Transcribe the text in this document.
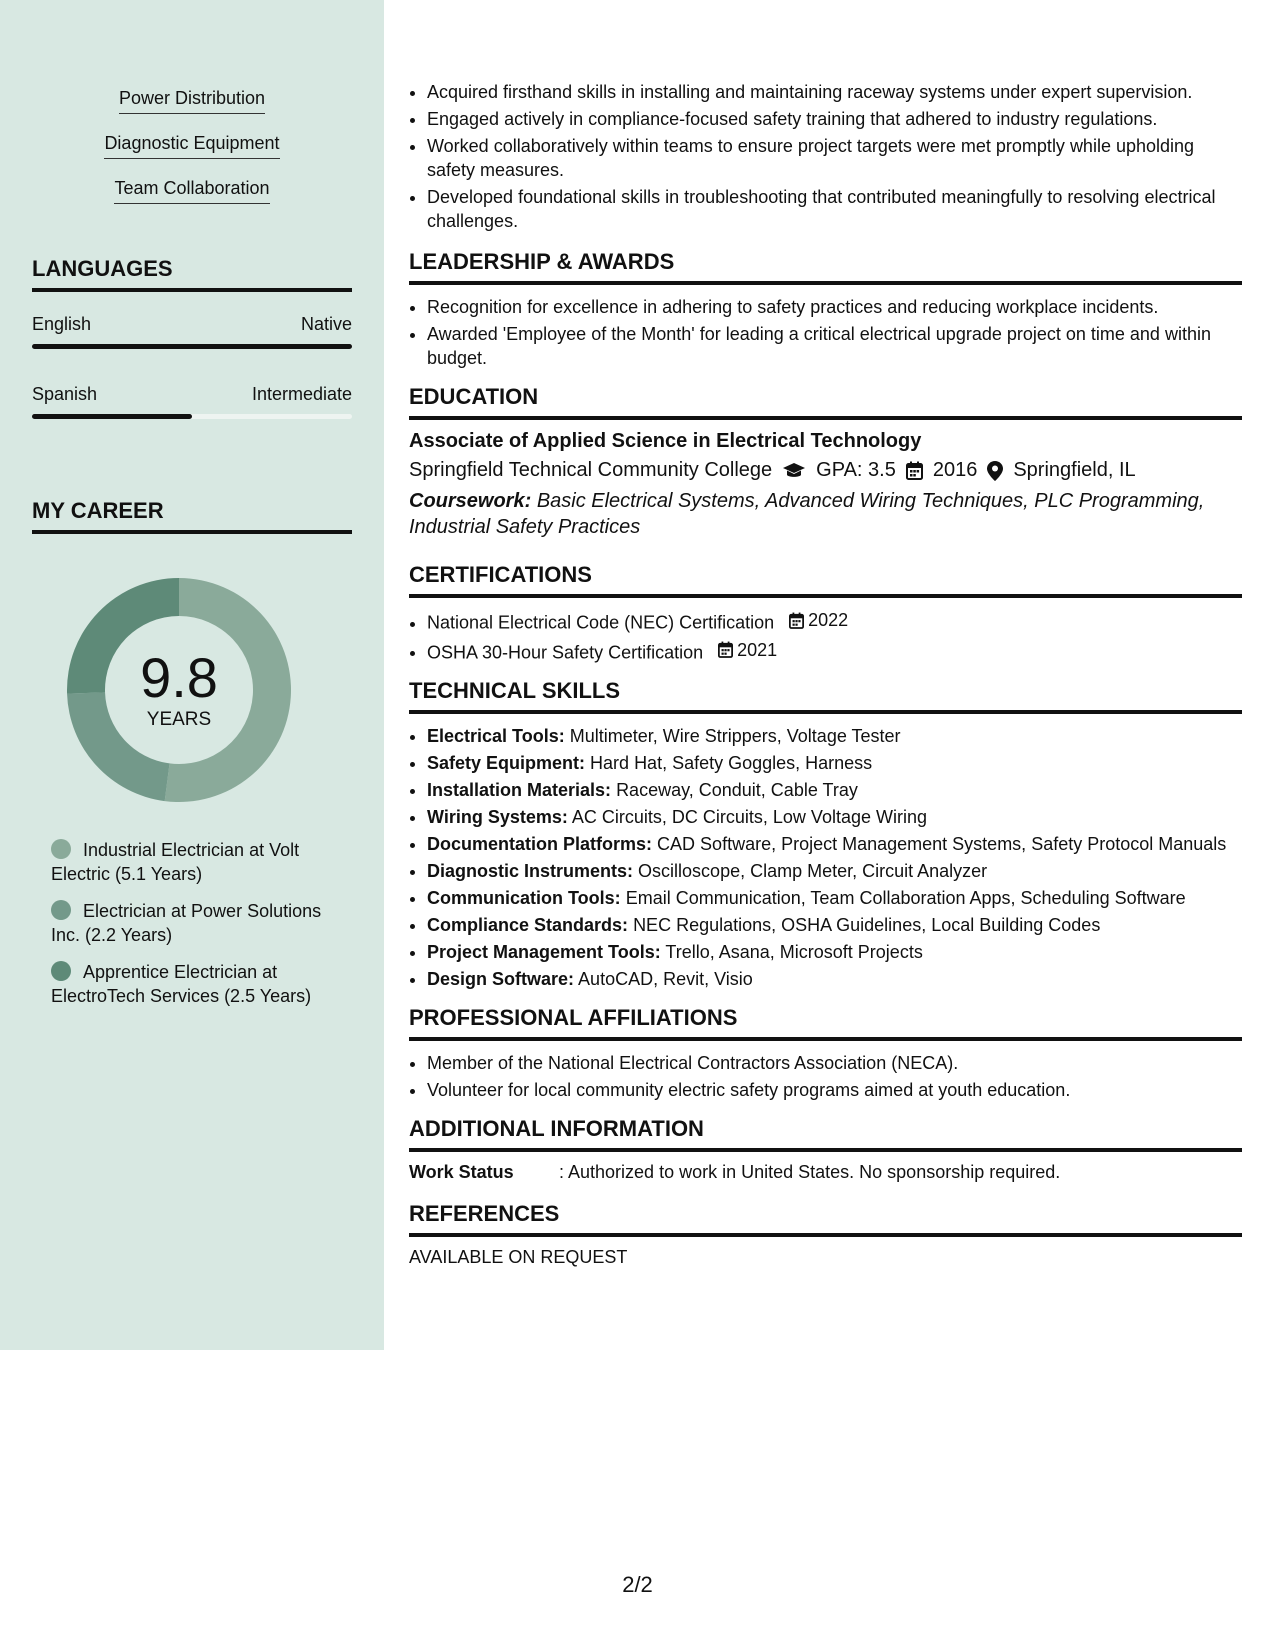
Power Distribution
Diagnostic Equipment
Team Collaboration
LANGUAGES
English	Native
Spanish	Intermediate
MY CAREER
9.8
YEARS
Industrial Electrician at Volt Electric (5.1 Years)
Electrician at Power Solutions Inc. (2.2 Years)
Apprentice Electrician at ElectroTech Services (2.5 Years)
• Acquired firsthand skills in installing and maintaining raceway systems under expert supervision.
• Engaged actively in compliance-focused safety training that adhered to industry regulations.
• Worked collaboratively within teams to ensure project targets were met promptly while upholding safety measures.
• Developed foundational skills in troubleshooting that contributed meaningfully to resolving electrical challenges.
LEADERSHIP & AWARDS
• Recognition for excellence in adhering to safety practices and reducing workplace incidents.
• Awarded 'Employee of the Month' for leading a critical electrical upgrade project on time and within budget.
EDUCATION
Associate of Applied Science in Electrical Technology
Springfield Technical Community College GPA: 3.5 2016 Springfield, IL
Coursework: Basic Electrical Systems, Advanced Wiring Techniques, PLC Programming, Industrial Safety Practices
CERTIFICATIONS
• National Electrical Code (NEC) Certification 2022
• OSHA 30-Hour Safety Certification 2021
TECHNICAL SKILLS
• Electrical Tools: Multimeter, Wire Strippers, Voltage Tester
• Safety Equipment: Hard Hat, Safety Goggles, Harness
• Installation Materials: Raceway, Conduit, Cable Tray
• Wiring Systems: AC Circuits, DC Circuits, Low Voltage Wiring
• Documentation Platforms: CAD Software, Project Management Systems, Safety Protocol Manuals
• Diagnostic Instruments: Oscilloscope, Clamp Meter, Circuit Analyzer
• Communication Tools: Email Communication, Team Collaboration Apps, Scheduling Software
• Compliance Standards: NEC Regulations, OSHA Guidelines, Local Building Codes
• Project Management Tools: Trello, Asana, Microsoft Projects
• Design Software: AutoCAD, Revit, Visio
PROFESSIONAL AFFILIATIONS
• Member of the National Electrical Contractors Association (NECA).
• Volunteer for local community electric safety programs aimed at youth education.
ADDITIONAL INFORMATION
Work Status	: Authorized to work in United States. No sponsorship required.
REFERENCES
AVAILABLE ON REQUEST
2/2
